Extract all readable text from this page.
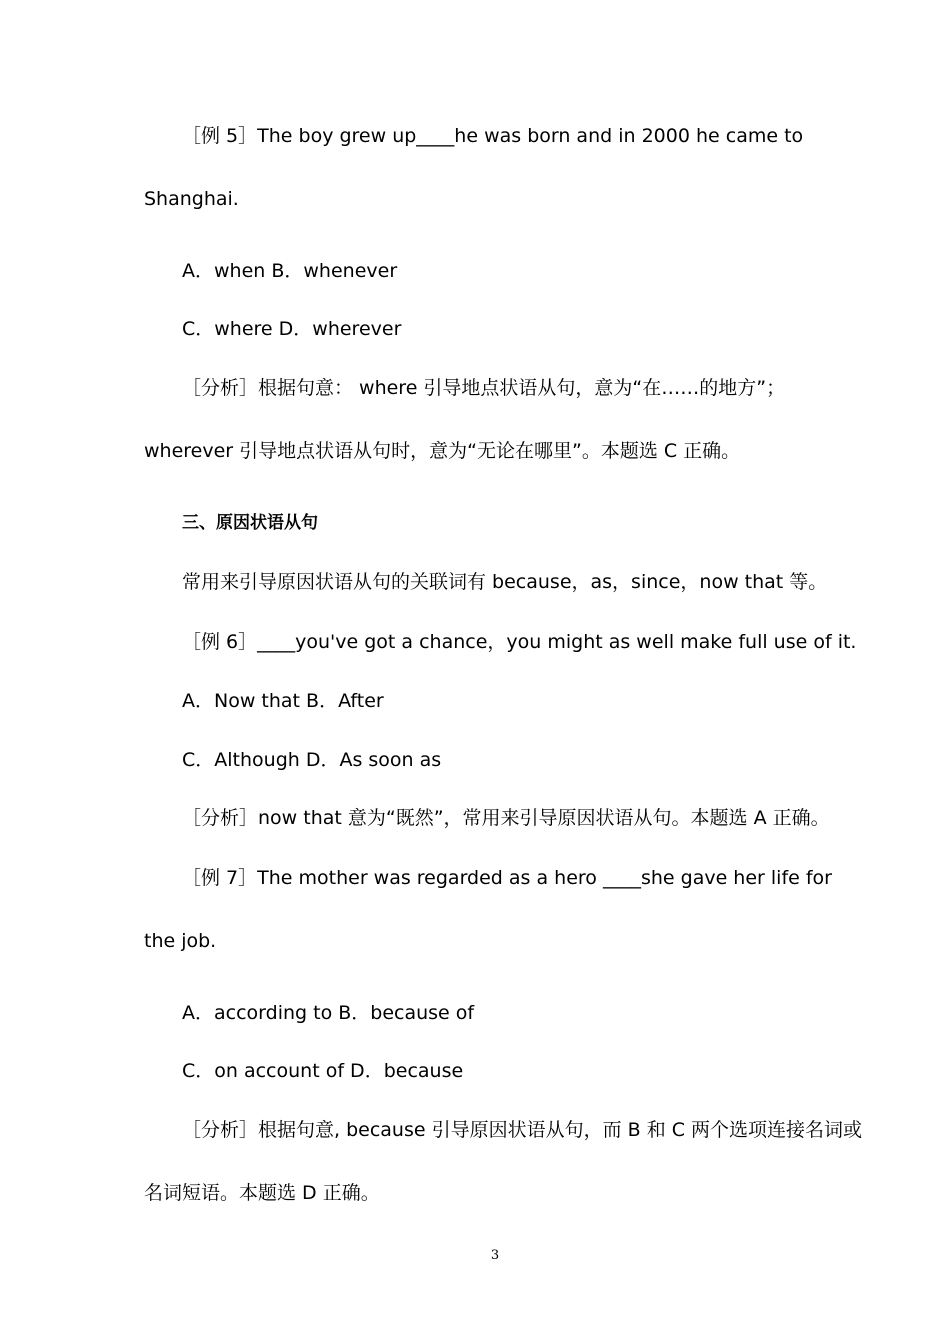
［例 5］The boy grew up____he was born and in 2000 he came to
Shanghai.
A．when B．whenever
C．where D．wherever
［分析］根据句意： where 引导地点状语从句，意为“在……的地方”；
wherever 引导地点状语从句时，意为“无论在哪里”。本题选 C 正确。
三、原因状语从句
常用来引导原因状语从句的关联词有 because，as，since，now that 等。
［例 6］____you've got a chance，you might as well make full use of it.
A．Now that B．After
C．Although D．As soon as
［分析］now that 意为“既然”，常用来引导原因状语从句。本题选 A 正确。
［例 7］The mother was regarded as a hero ____she gave her life for
the job.
A．according to B．because of
C．on account of D．because
［分析］根据句意, because 引导原因状语从句，而 B 和 C 两个选项连接名词或
名词短语。本题选 D 正确。
3
